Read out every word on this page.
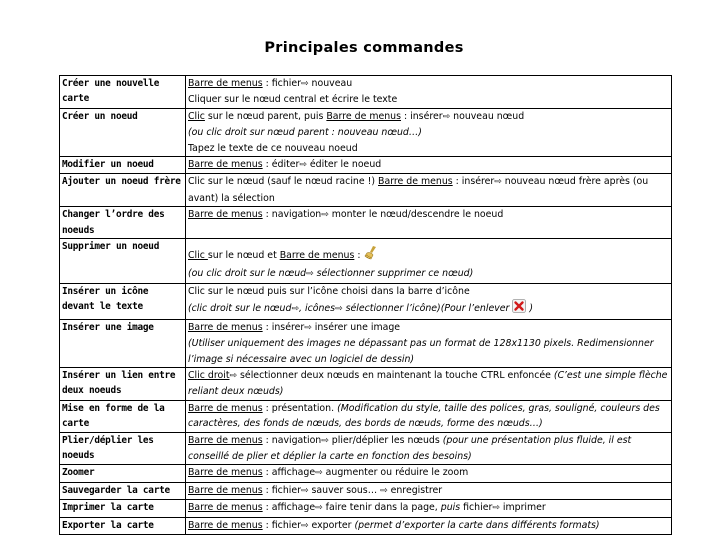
Principales commandes
Créer une nouvelle carte	Barre de menus : fichier⇨ nouveau
Cliquer sur le nœud central et écrire le texte
Créer un noeud	Clic sur le nœud parent, puis Barre de menus : insérer⇨ nouveau nœud
(ou clic droit sur nœud parent : nouveau nœud…)
Tapez le texte de ce nouveau noeud
Modifier un noeud	Barre de menus : éditer⇨ éditer le noeud
Ajouter un noeud frère	Clic sur le nœud (sauf le nœud racine !) Barre de menus : insérer⇨ nouveau nœud frère après (ou avant) la sélection
Changer l’ordre des noeuds	Barre de menus : navigation⇨ monter le nœud/descendre le noeud
Supprimer un noeud	Clic sur le nœud et Barre de menus :
(ou clic droit sur le nœud⇨ sélectionner supprimer ce nœud)
Insérer un icône devant le texte	Clic sur le nœud puis sur l’icône choisi dans la barre d’icône
(clic droit sur le nœud⇨, icônes⇨ sélectionner l’icône)(Pour l’enlever  )
Insérer une image	Barre de menus : insérer⇨ insérer une image
(Utiliser uniquement des images ne dépassant pas un format de 128x1130 pixels. Redimensionner l’image si nécessaire avec un logiciel de dessin)
Insérer un lien entre deux noeuds	Clic droit⇨ sélectionner deux nœuds en maintenant la touche CTRL enfoncée (C’est une simple flèche reliant deux nœuds)
Mise en forme de la carte	Barre de menus : présentation. (Modification du style, taille des polices, gras, souligné, couleurs des caractères, des fonds de nœuds, des bords de nœuds, forme des nœuds…)
Plier/déplier les noeuds	Barre de menus : navigation⇨ plier/déplier les nœuds (pour une présentation plus fluide, il est conseillé de plier et déplier la carte en fonction des besoins)
Zoomer	Barre de menus : affichage⇨ augmenter ou réduire le zoom
Sauvegarder la carte	Barre de menus : fichier⇨ sauver sous… ⇨ enregistrer
Imprimer la carte	Barre de menus : affichage⇨ faire tenir dans la page, puis fichier⇨ imprimer
Exporter la carte	Barre de menus : fichier⇨ exporter (permet d’exporter la carte dans différents formats)
